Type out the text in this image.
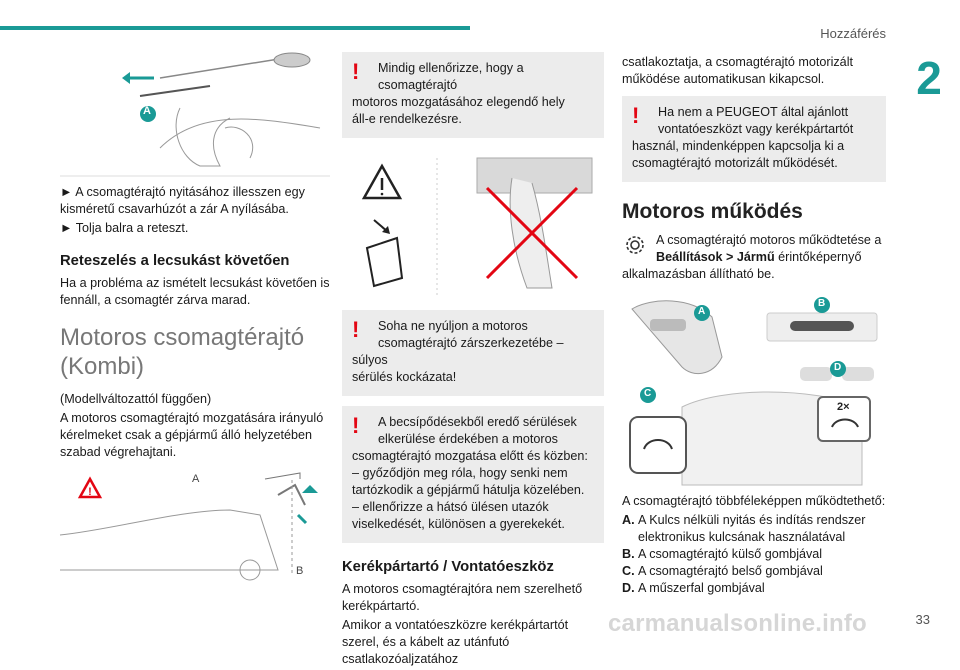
Hozzáférés
2
A

► A csomagtérajtó nyitásához illesszen egy kisméretű csavarhúzót a zár A nyílásába.

► Tolja balra a reteszt.

Reteszelés a lecsukást követően

Ha a probléma az ismételt lecsukást követően is fennáll, a csomagtér zárva marad.

Motoros csomagtérajtó (Kombi)

(Modellváltozattól függően)

A motoros csomagtérajtó mozgatására irányuló kérelmeket csak a gépjármű álló helyzetében szabad végrehajtani.

!
A
B
!	Mindig ellenőrizze, hogy a csomagtérajtó
motoros mozgatásához elegendő hely
áll-e rendelkezésre.
!	Soha ne nyúljon a motoros
csomagtérajtó zárszerkezetébe – súlyos
sérülés kockázata!
!	A becsípődésekből eredő sérülések
elkerülése érdekében a motoros
csomagtérajtó mozgatása előtt és közben:
– győződjön meg róla, hogy senki nem
tartózkodik a gépjármű hátulja közelében.
– ellenőrizze a hátsó ülésen utazók
viselkedését, különösen a gyerekekét.
Kerékpártartó / Vontatóeszköz

A motoros csomagtérajtóra nem szerelhető kerékpártartó.

Amikor a vontatóeszközre kerékpártartót szerel, és a kábelt az utánfutó csatlakozóaljzatához

csatlakoztatja, a csomagtérajtó motorizált működése automatikusan kikapcsol.

!	Ha nem a PEUGEOT által ajánlott
vontatóeszközt vagy kerékpártartót
használ, mindenképpen kapcsolja ki a
csomagtérajtó motorizált működését.
Motoros működés
A csomagtérajtó motoros működtetése a
Beállítások > Jármű érintőképernyő
alkalmazásban állítható be.
A
B
D
C
2×

A csomagtérajtó többféleképpen működtethető:

A. A Kulcs nélküli nyitás és indítás rendszer elektronikus kulcsának használatával
B. A csomagtérajtó külső gombjával
C. A csomagtérajtó belső gombjával
D. A műszerfal gombjával
carmanualsonline.info	33
